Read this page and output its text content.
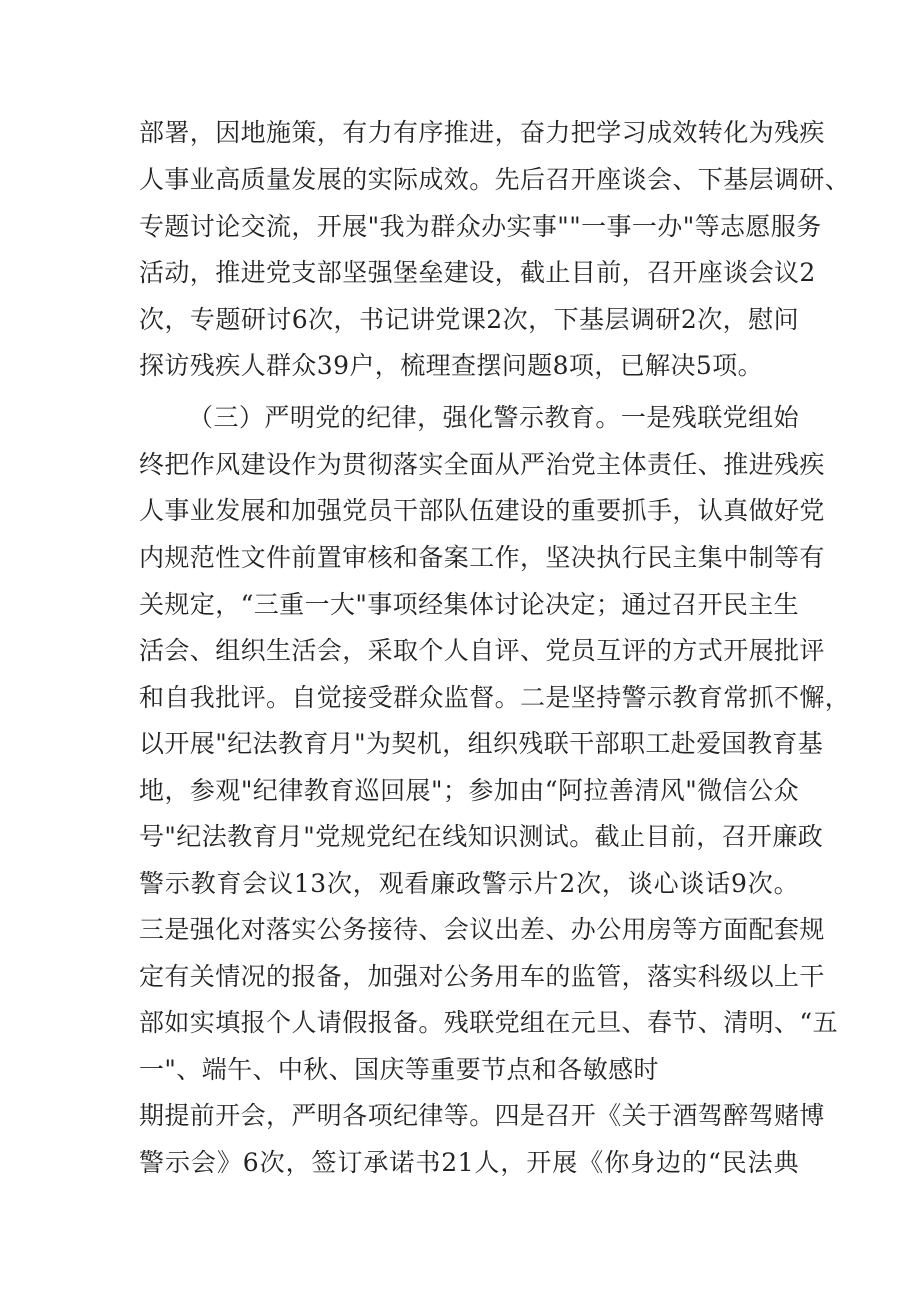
部署，因地施策，有力有序推进，奋力把学习成效转化为残疾
人事业高质量发展的实际成效。先后召开座谈会、下基层调研、
专题讨论交流，开展"我为群众办实事""一事一办"等志愿服务
活动，推进党支部坚强堡垒建设，截止目前，召开座谈会议2
次，专题研讨6次，书记讲党课2次，下基层调研2次，慰问
探访残疾人群众39户，梳理查摆问题8项，已解决5项。
（三）严明党的纪律，强化警示教育。一是残联党组始
终把作风建设作为贯彻落实全面从严治党主体责任、推进残疾
人事业发展和加强党员干部队伍建设的重要抓手，认真做好党
内规范性文件前置审核和备案工作，坚决执行民主集中制等有
关规定，“三重一大"事项经集体讨论决定；通过召开民主生
活会、组织生活会，采取个人自评、党员互评的方式开展批评
和自我批评。自觉接受群众监督。二是坚持警示教育常抓不懈，
以开展"纪法教育月"为契机，组织残联干部职工赴爱国教育基
地，参观"纪律教育巡回展"；参加由“阿拉善清风"微信公众
号"纪法教育月"党规党纪在线知识测试。截止目前，召开廉政
警示教育会议13次，观看廉政警示片2次，谈心谈话9次。
三是强化对落实公务接待、会议出差、办公用房等方面配套规
定有关情况的报备，加强对公务用车的监管，落实科级以上干
部如实填报个人请假报备。残联党组在元旦、春节、清明、“五
一"、端午、中秋、国庆等重要节点和各敏感时
期提前开会，严明各项纪律等。四是召开《关于酒驾醉驾赌博
警示会》6次，签订承诺书21人，开展《你身边的“民法典
